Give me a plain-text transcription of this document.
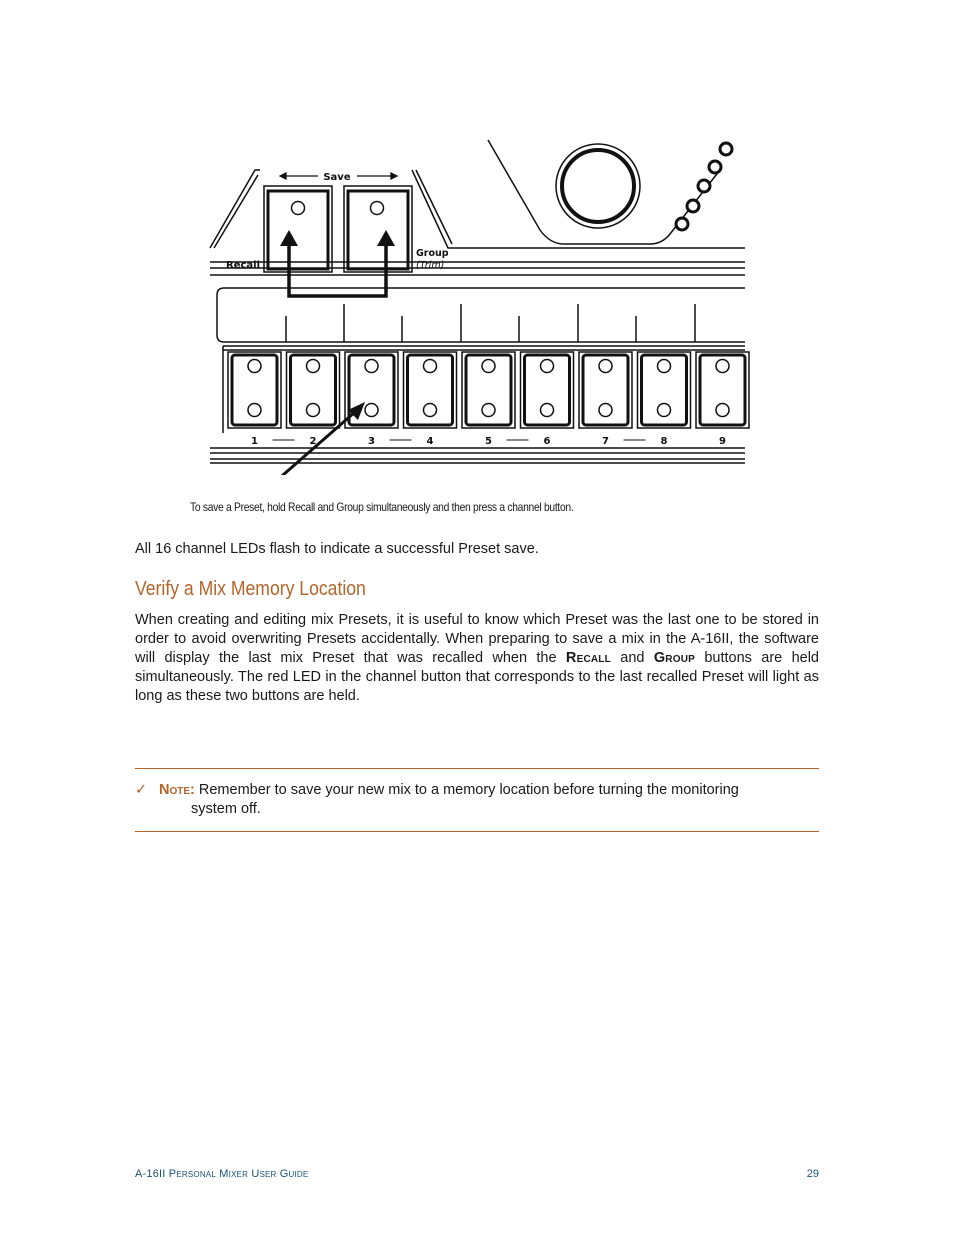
Save
Recall
Group
(Trim)
1	2	3	4	5	6	7	8	9
To save a Preset, hold Recall and Group simultaneously and then press a channel button.
All 16 channel LEDs flash to indicate a successful Preset save.
Verify a Mix Memory Location
When creating and editing mix Presets, it is useful to know which Preset was the last one to be stored in order to avoid overwriting Presets accidentally. When preparing to save a mix in the A-16II, the software will display the last mix Preset that was recalled when the Recall and Group buttons are held simultaneously. The red LED in the channel button that corresponds to the last recalled Preset will light as long as these two buttons are held.
✓ Note: Remember to save your new mix to a memory location before turning the monitoring
system off.
A-16II Personal Mixer User Guide	29
